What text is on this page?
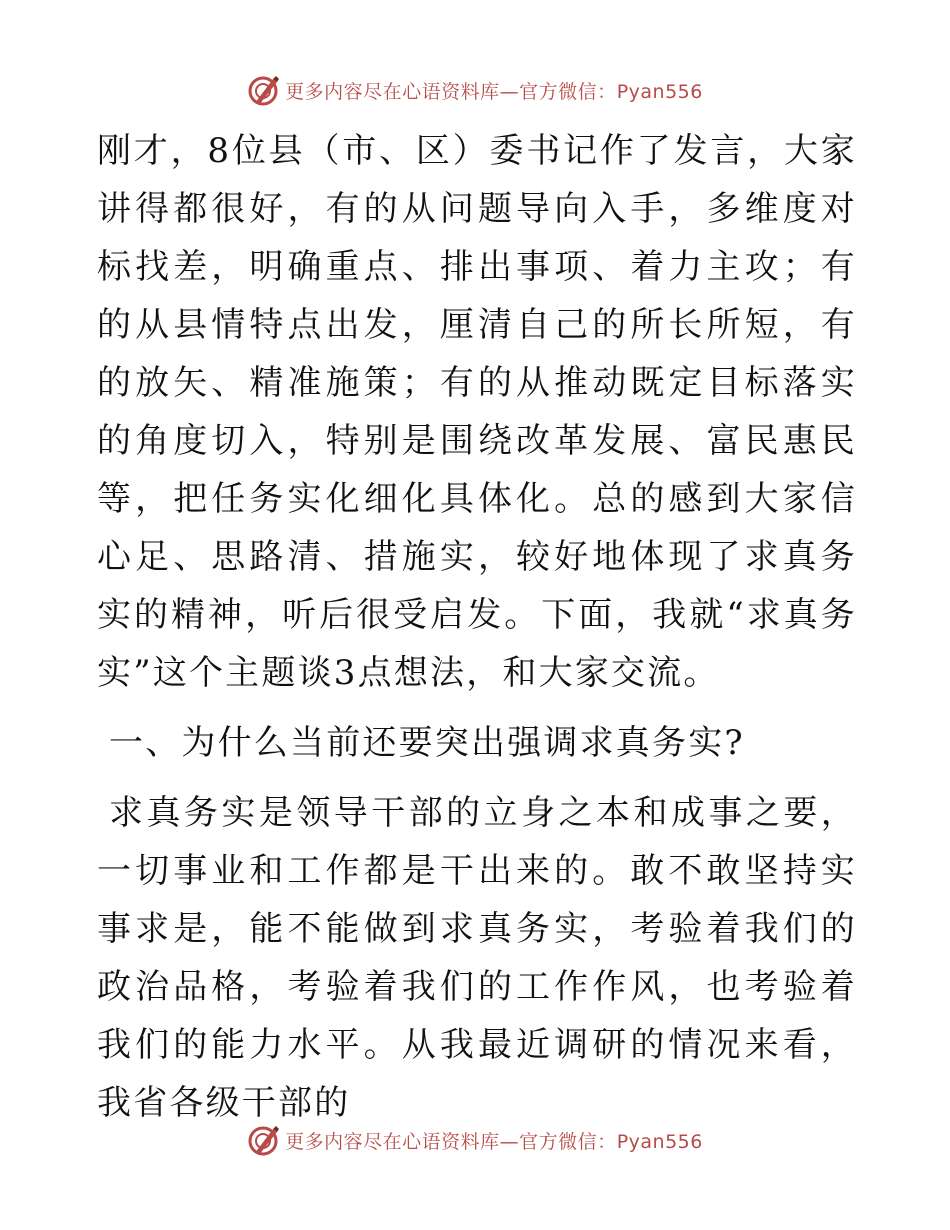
更多内容尽在心语资料库—官方微信：Pyan556

刚才，8位县（市、区）委书记作了发言，大家讲得都很好，有的从问题导向入手，多维度对标找差，明确重点、排出事项、着力主攻；有的从县情特点出发，厘清自己的所长所短，有的放矢、精准施策；有的从推动既定目标落实的角度切入，特别是围绕改革发展、富民惠民等，把任务实化细化具体化。总的感到大家信心足、思路清、措施实，较好地体现了求真务实的精神，听后很受启发。下面，我就“求真务实”这个主题谈3点想法，和大家交流。

一、为什么当前还要突出强调求真务实?

求真务实是领导干部的立身之本和成事之要，一切事业和工作都是干出来的。敢不敢坚持实事求是，能不能做到求真务实，考验着我们的政治品格，考验着我们的工作作风，也考验着我们的能力水平。从我最近调研的情况来看，我省各级干部的

更多内容尽在心语资料库—官方微信：Pyan556
